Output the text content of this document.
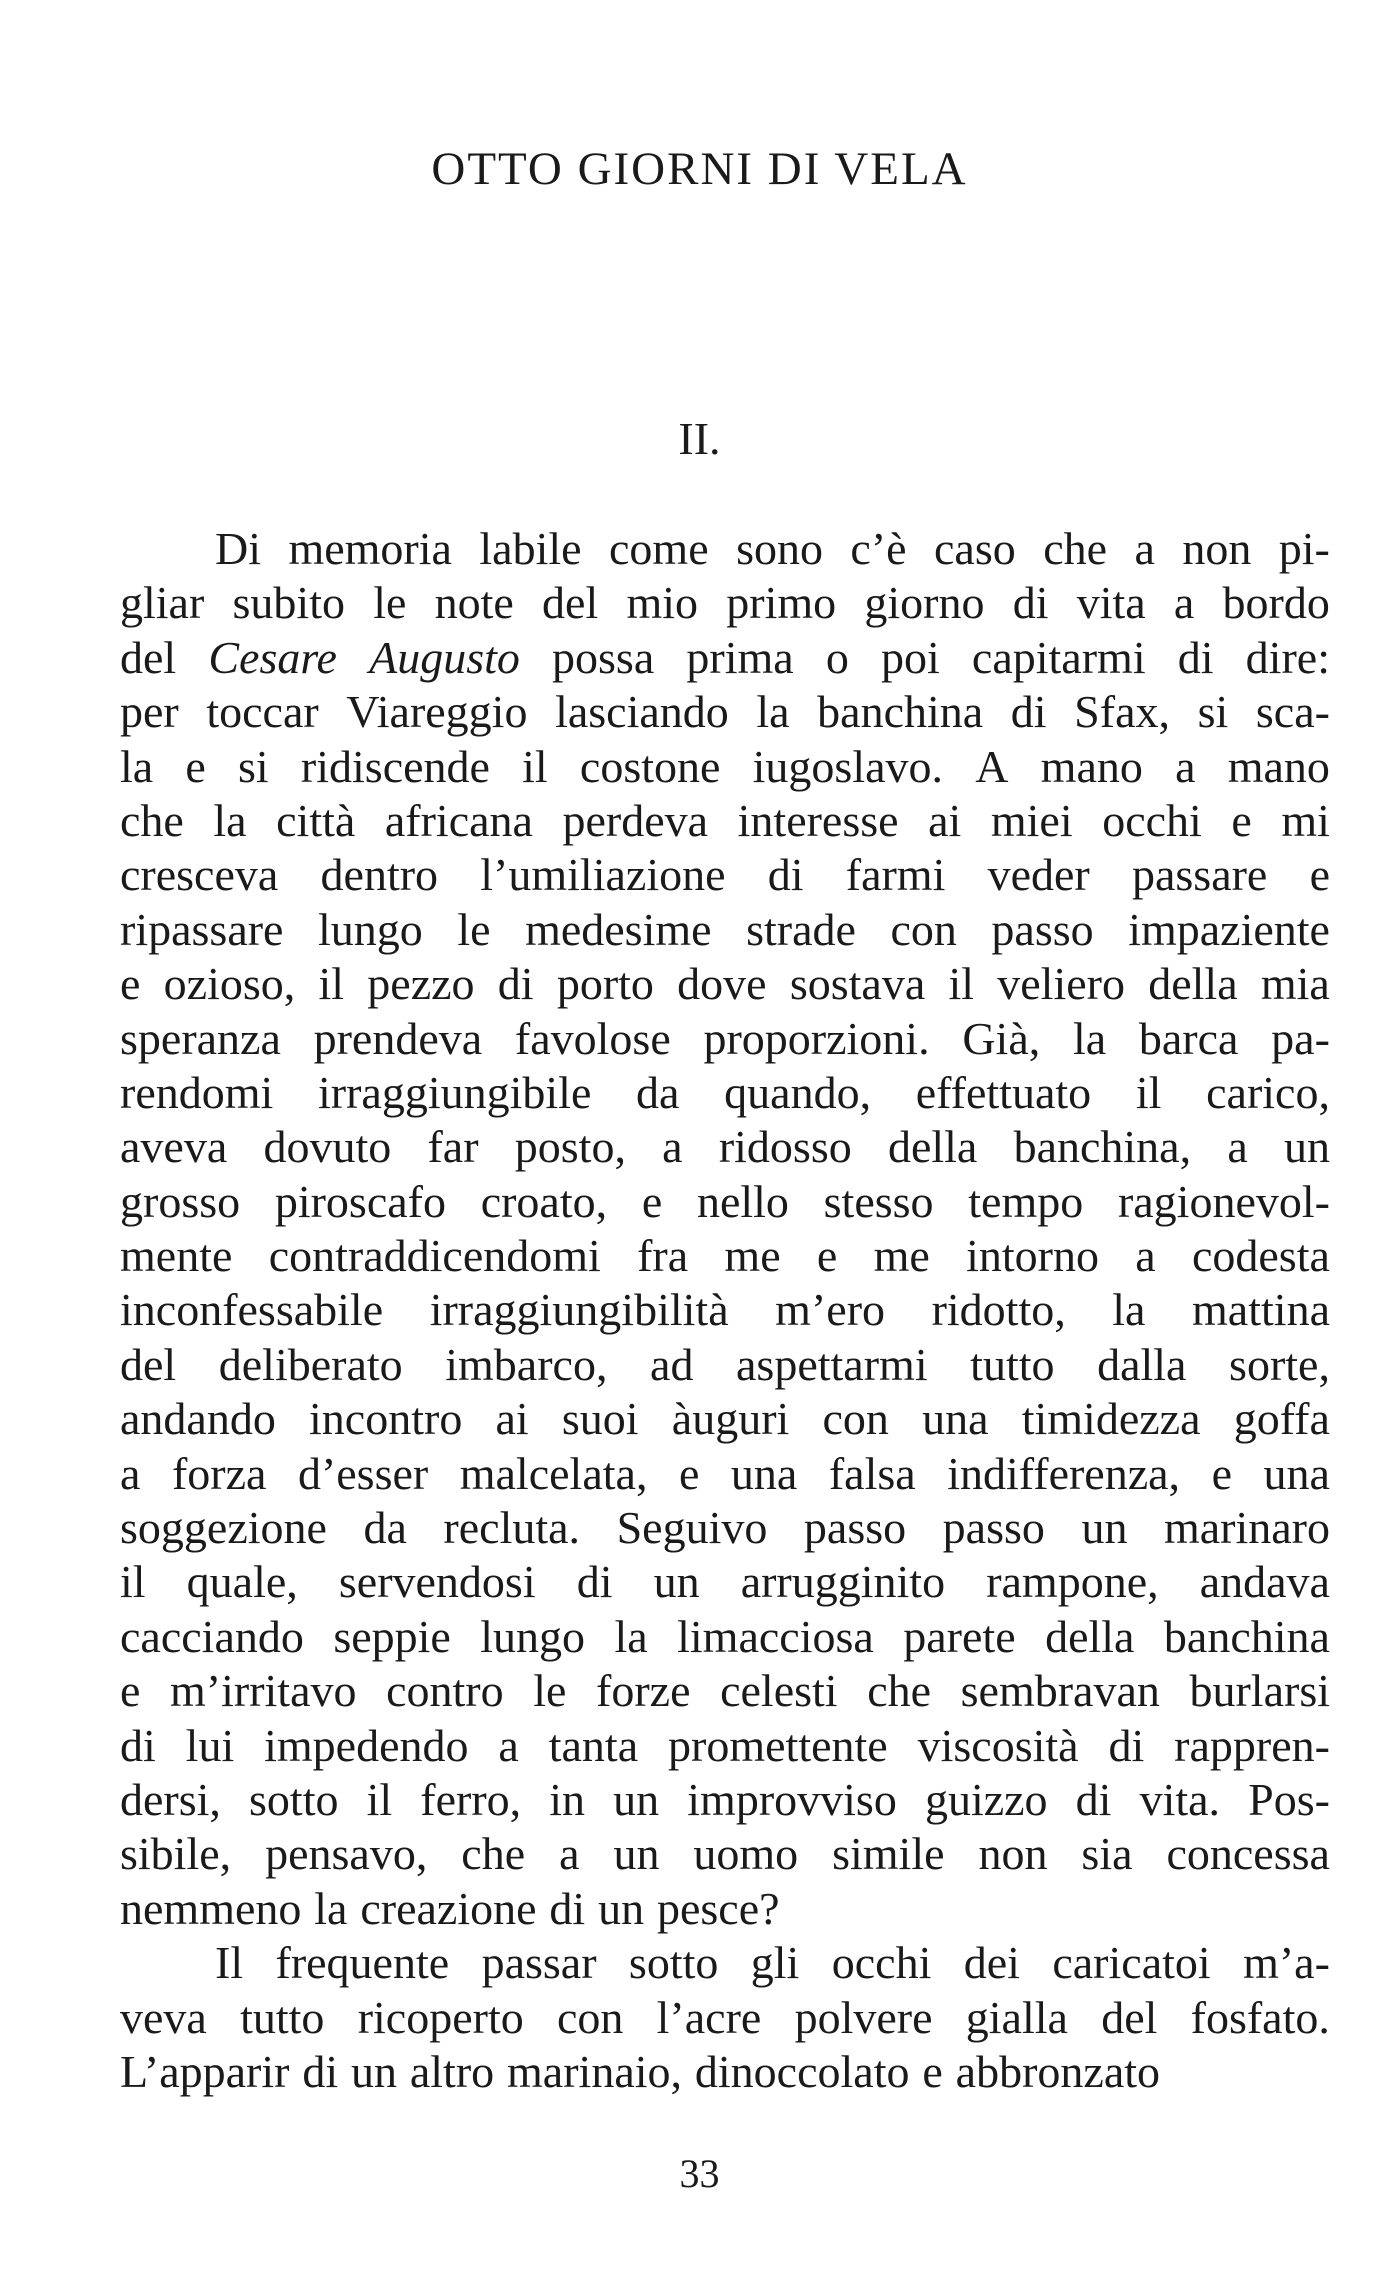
OTTO GIORNI DI VELA
II.
Di memoria labile come sono c’è caso che a non pi-
gliar subito le note del mio primo giorno di vita a bordo
del Cesare Augusto possa prima o poi capitarmi di dire:
per toccar Viareggio lasciando la banchina di Sfax, si sca-
la e si ridiscende il costone iugoslavo. A mano a mano
che la città africana perdeva interesse ai miei occhi e mi
cresceva dentro l’umiliazione di farmi veder passare e
ripassare lungo le medesime strade con passo impaziente
e ozioso, il pezzo di porto dove sostava il veliero della mia
speranza prendeva favolose proporzioni. Già, la barca pa-
rendomi irraggiungibile da quando, effettuato il carico,
aveva dovuto far posto, a ridosso della banchina, a un
grosso piroscafo croato, e nello stesso tempo ragionevol-
mente contraddicendomi fra me e me intorno a codesta
inconfessabile irraggiungibilità m’ero ridotto, la mattina
del deliberato imbarco, ad aspettarmi tutto dalla sorte,
andando incontro ai suoi àuguri con una timidezza goffa
a forza d’esser malcelata, e una falsa indifferenza, e una
soggezione da recluta. Seguivo passo passo un marinaro
il quale, servendosi di un arrugginito rampone, andava
cacciando seppie lungo la limacciosa parete della banchina
e m’irritavo contro le forze celesti che sembravan burlarsi
di lui impedendo a tanta promettente viscosità di rappren-
dersi, sotto il ferro, in un improvviso guizzo di vita. Pos-
sibile, pensavo, che a un uomo simile non sia concessa
nemmeno la creazione di un pesce?
Il frequente passar sotto gli occhi dei caricatoi m’a-
veva tutto ricoperto con l’acre polvere gialla del fosfato.
L’apparir di un altro marinaio, dinoccolato e abbronzato
33
